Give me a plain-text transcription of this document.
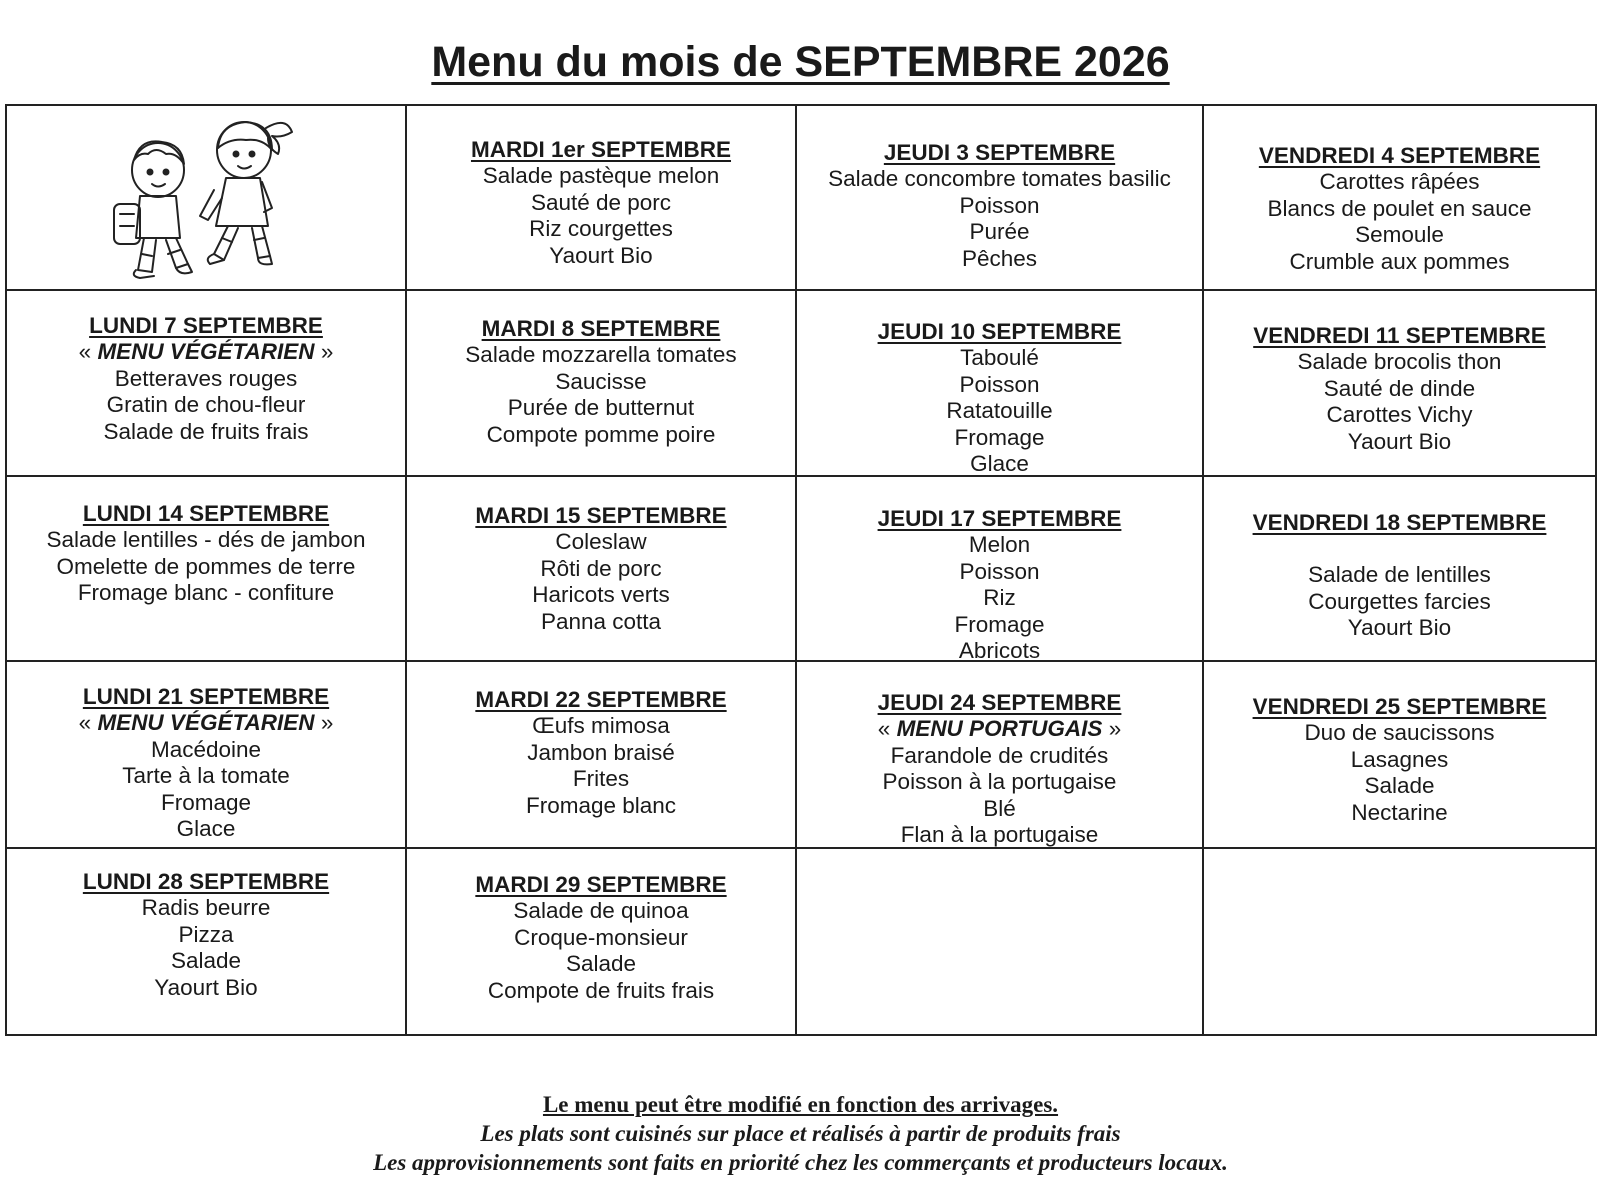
Menu du mois de SEPTEMBRE 2026
MARDI 1er SEPTEMBRE
Salade pastèque melon
Sauté de porc
Riz courgettes
Yaourt Bio
JEUDI 3 SEPTEMBRE
Salade concombre tomates basilic
Poisson
Purée
Pêches
VENDREDI 4 SEPTEMBRE
Carottes râpées
Blancs de poulet en sauce
Semoule
Crumble aux pommes
LUNDI 7 SEPTEMBRE
« MENU VÉGÉTARIEN »
Betteraves rouges
Gratin de chou-fleur
Salade de fruits frais
MARDI 8 SEPTEMBRE
Salade mozzarella tomates
Saucisse
Purée de butternut
Compote pomme poire
JEUDI 10 SEPTEMBRE
Taboulé
Poisson
Ratatouille
Fromage
Glace
VENDREDI 11 SEPTEMBRE
Salade brocolis thon
Sauté de dinde
Carottes Vichy
Yaourt Bio
LUNDI 14 SEPTEMBRE
Salade lentilles - dés de jambon
Omelette de pommes de terre
Fromage blanc - confiture
MARDI 15 SEPTEMBRE
Coleslaw
Rôti de porc
Haricots verts
Panna cotta
JEUDI 17 SEPTEMBRE
Melon
Poisson
Riz
Fromage
Abricots
VENDREDI 18 SEPTEMBRE
Salade de lentilles
Courgettes farcies
Yaourt Bio
LUNDI 21 SEPTEMBRE
« MENU VÉGÉTARIEN »
Macédoine
Tarte à la tomate
Fromage
Glace
MARDI 22 SEPTEMBRE
Œufs mimosa
Jambon braisé
Frites
Fromage blanc
JEUDI 24 SEPTEMBRE
« MENU PORTUGAIS »
Farandole de crudités
Poisson à la portugaise
Blé
Flan à la portugaise
VENDREDI 25 SEPTEMBRE
Duo de saucissons
Lasagnes
Salade
Nectarine
LUNDI 28 SEPTEMBRE
Radis beurre
Pizza
Salade
Yaourt Bio
MARDI 29 SEPTEMBRE
Salade de quinoa
Croque-monsieur
Salade
Compote de fruits frais
Le menu peut être modifié en fonction des arrivages.
Les plats sont cuisinés sur place et réalisés à partir de produits frais
Les approvisionnements sont faits en priorité chez les commerçants et producteurs locaux.
